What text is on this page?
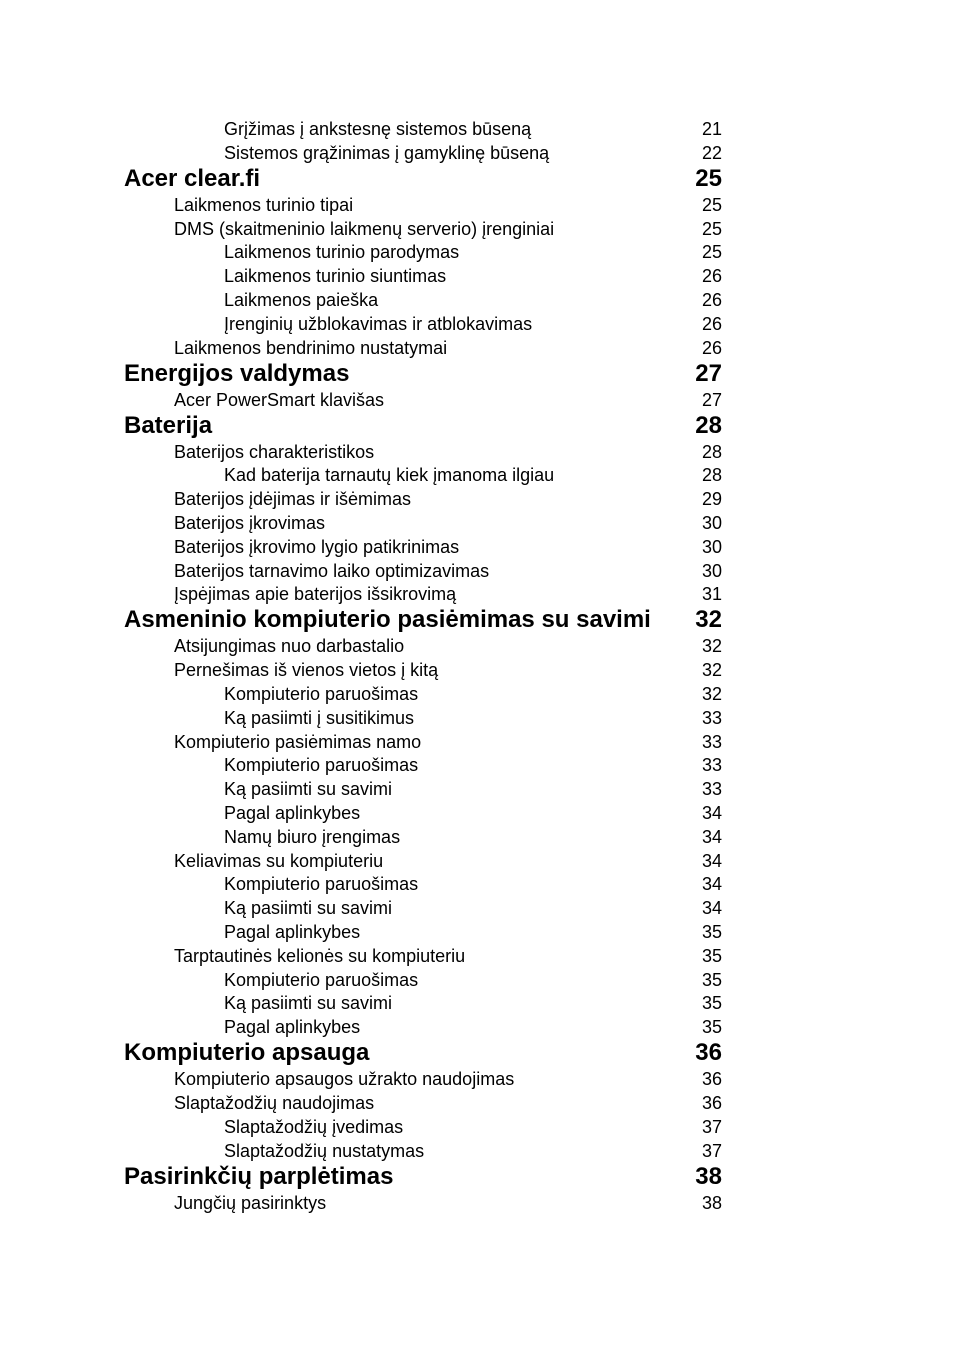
Grįžimas į ankstesnę sistemos būseną	21
Sistemos grąžinimas į gamyklinę būseną	22
Acer clear.fi	25
Laikmenos turinio tipai	25
DMS (skaitmeninio laikmenų serverio) įrenginiai	25
Laikmenos turinio parodymas	25
Laikmenos turinio siuntimas	26
Laikmenos paieška	26
Įrenginių užblokavimas ir atblokavimas	26
Laikmenos bendrinimo nustatymai	26
Energijos valdymas	27
Acer PowerSmart klavišas	27
Baterija	28
Baterijos charakteristikos	28
Kad baterija tarnautų kiek įmanoma ilgiau	28
Baterijos įdėjimas ir išėmimas	29
Baterijos įkrovimas	30
Baterijos įkrovimo lygio patikrinimas	30
Baterijos tarnavimo laiko optimizavimas	30
Įspėjimas apie baterijos išsikrovimą	31
Asmeninio kompiuterio pasiėmimas su savimi 32
Atsijungimas nuo darbastalio	32
Pernešimas iš vienos vietos į kitą	32
Kompiuterio paruošimas	32
Ką pasiimti į susitikimus	33
Kompiuterio pasiėmimas namo	33
Kompiuterio paruošimas	33
Ką pasiimti su savimi	33
Pagal aplinkybes	34
Namų biuro įrengimas	34
Keliavimas su kompiuteriu	34
Kompiuterio paruošimas	34
Ką pasiimti su savimi	34
Pagal aplinkybes	35
Tarptautinės kelionės su kompiuteriu	35
Kompiuterio paruošimas	35
Ką pasiimti su savimi	35
Pagal aplinkybes	35
Kompiuterio apsauga	36
Kompiuterio apsaugos užrakto naudojimas	36
Slaptažodžių naudojimas	36
Slaptažodžių įvedimas	37
Slaptažodžių nustatymas	37
Pasirinkčių parplėtimas	38
Jungčių pasirinktys	38
